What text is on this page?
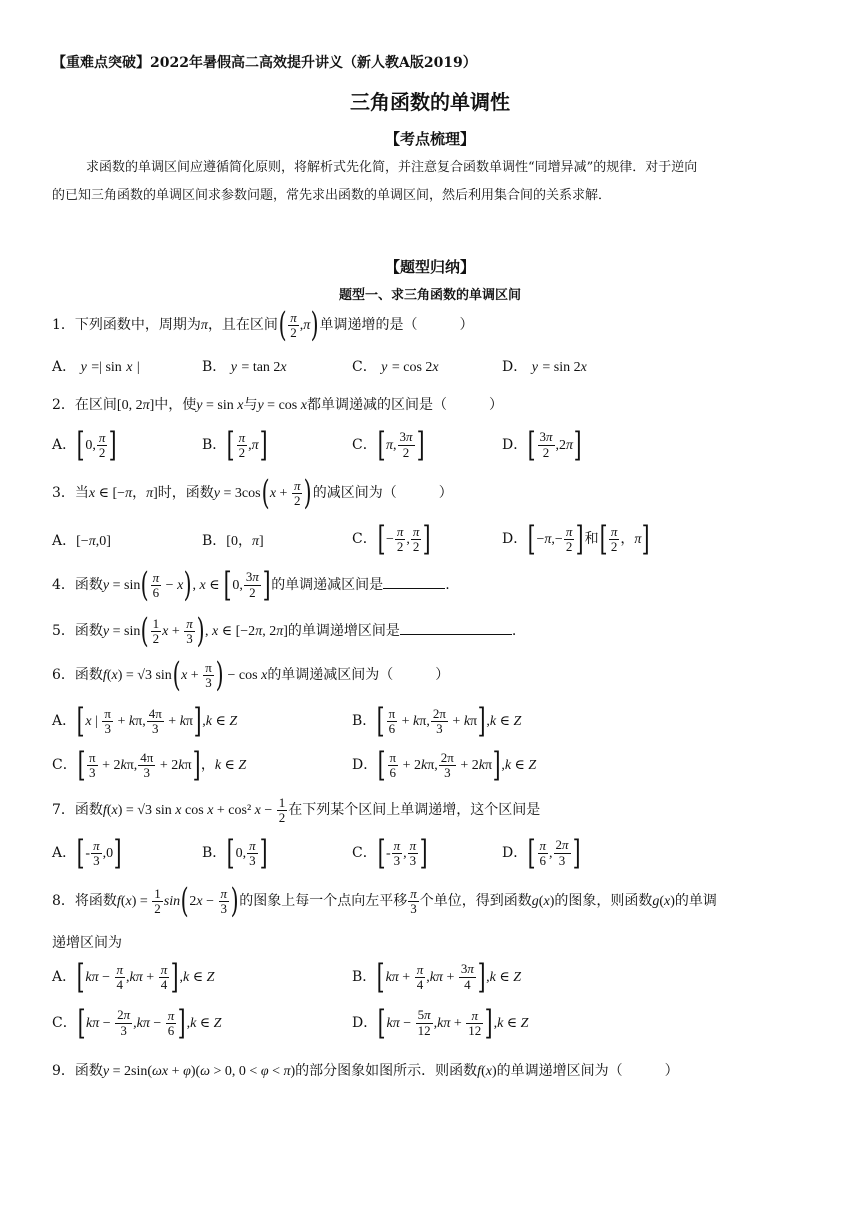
【重难点突破】2022年暑假高二高效提升讲义（新人教A版2019）
三角函数的单调性
【考点梳理】
求函数的单调区间应遵循简化原则，将解析式先化简，并注意复合函数单调性“同增异减”的规律．对于逆向
的已知三角函数的单调区间求参数问题，常先求出函数的单调区间，然后利用集合间的关系求解．
【题型归纳】
题型一、求三角函数的单调区间
1．下列函数中，周期为π，且在区间( $\frac{\pi}{2} ,\pi$)单调递增的是（　　　）
A． y =| sin x |	B． y = tan 2x	C． y = cos 2x	D． y = sin 2x
2．在区间[0, 2π]中，使y = sin x与y = cos x都单调递减的区间是（　　　）
A．[0, $\frac{\pi}{2}$ ]	B．[ $\frac{\pi}{2} ,\pi$]	C．[π, $\frac{3\pi}{2}$ ]	D．[ $\frac{3\pi}{2} ,2\pi$]
3．当x ∈ [−π，π]时，函数$y = 3\cos(x + \frac{\pi}{2}$ )的减区间为（　　　）
A．[−π,0]	B．[0，π]	C．[− $\frac{\pi}{2}$ , $\frac{\pi}{2}$ ]	D．[$-\pi,- \frac{\pi}{2}$ ]和[ $\frac{\pi}{2}$ ，π]
4．函数$y = \sin( \frac{\pi}{6} - x)$, x ∈ [0, $\frac{3\pi}{2}$ ]的单调递减区间是	.
5．函数$y = \sin( \frac{1}{2}$ $x + \frac{\pi}{3}$ ), x ∈ [−2π, 2π]的单调递增区间是	.
6．函数f(x) = √3 $\sin(x + \frac{\pi}{3}$ ) − cos x的单调递减区间为（　　　）
A．[x | $\frac{\pi}{3} + k\pi$, $\frac{4\pi}{3} + k\pi],k$ ∈ Z	B．[ $\frac{\pi}{6} + k\pi$, $\frac{2\pi}{3} + k\pi],k$ ∈ Z
C．[ $\frac{\pi}{3} + 2k\pi$, $\frac{4\pi}{3} + 2k\pi$]，k ∈ Z	D．[ $\frac{\pi}{6} + 2k\pi$, $\frac{2\pi}{3} + 2k\pi],k$ ∈ Z
7．函数f(x) = √3 sin x cos x + cos² $x - \frac{1}{2}$ 在下列某个区间上单调递增，这个区间是
A．[- $\frac{\pi}{3} ,0$]	B．[0, $\frac{\pi}{3}$ ]	C．[- $\frac{\pi}{3}$ , $\frac{\pi}{3}$ ]	D．[ $\frac{\pi}{6}$ , $\frac{2\pi}{3}$ ]
8．将函数$f(x) = \frac{1}{2} \sin(2x - \frac{\pi}{3}$ )的图象上每一个点向左平移 $\frac{\pi}{3}$ 个单位，得到函数g(x)的图象，则函数g(x)的单调
递增区间为
A．$[k\pi - \frac{\pi}{4} ,k\pi + \frac{\pi}{4} ],k$ ∈ Z	B．$[k\pi + \frac{\pi}{4} ,k\pi + \frac{3\pi}{4} ],k$ ∈ Z
C．$[k\pi - \frac{2\pi}{3} ,k\pi - \frac{\pi}{6} ],k$ ∈ Z	D．$[k\pi - \frac{5\pi}{12} ,k\pi + \frac{\pi}{12} ],k$ ∈ Z
9．函数y = 2sin(ωx + φ)(ω > 0, 0 < φ < π)的部分图象如图所示．则函数f(x)的单调递增区间为（　　　）
